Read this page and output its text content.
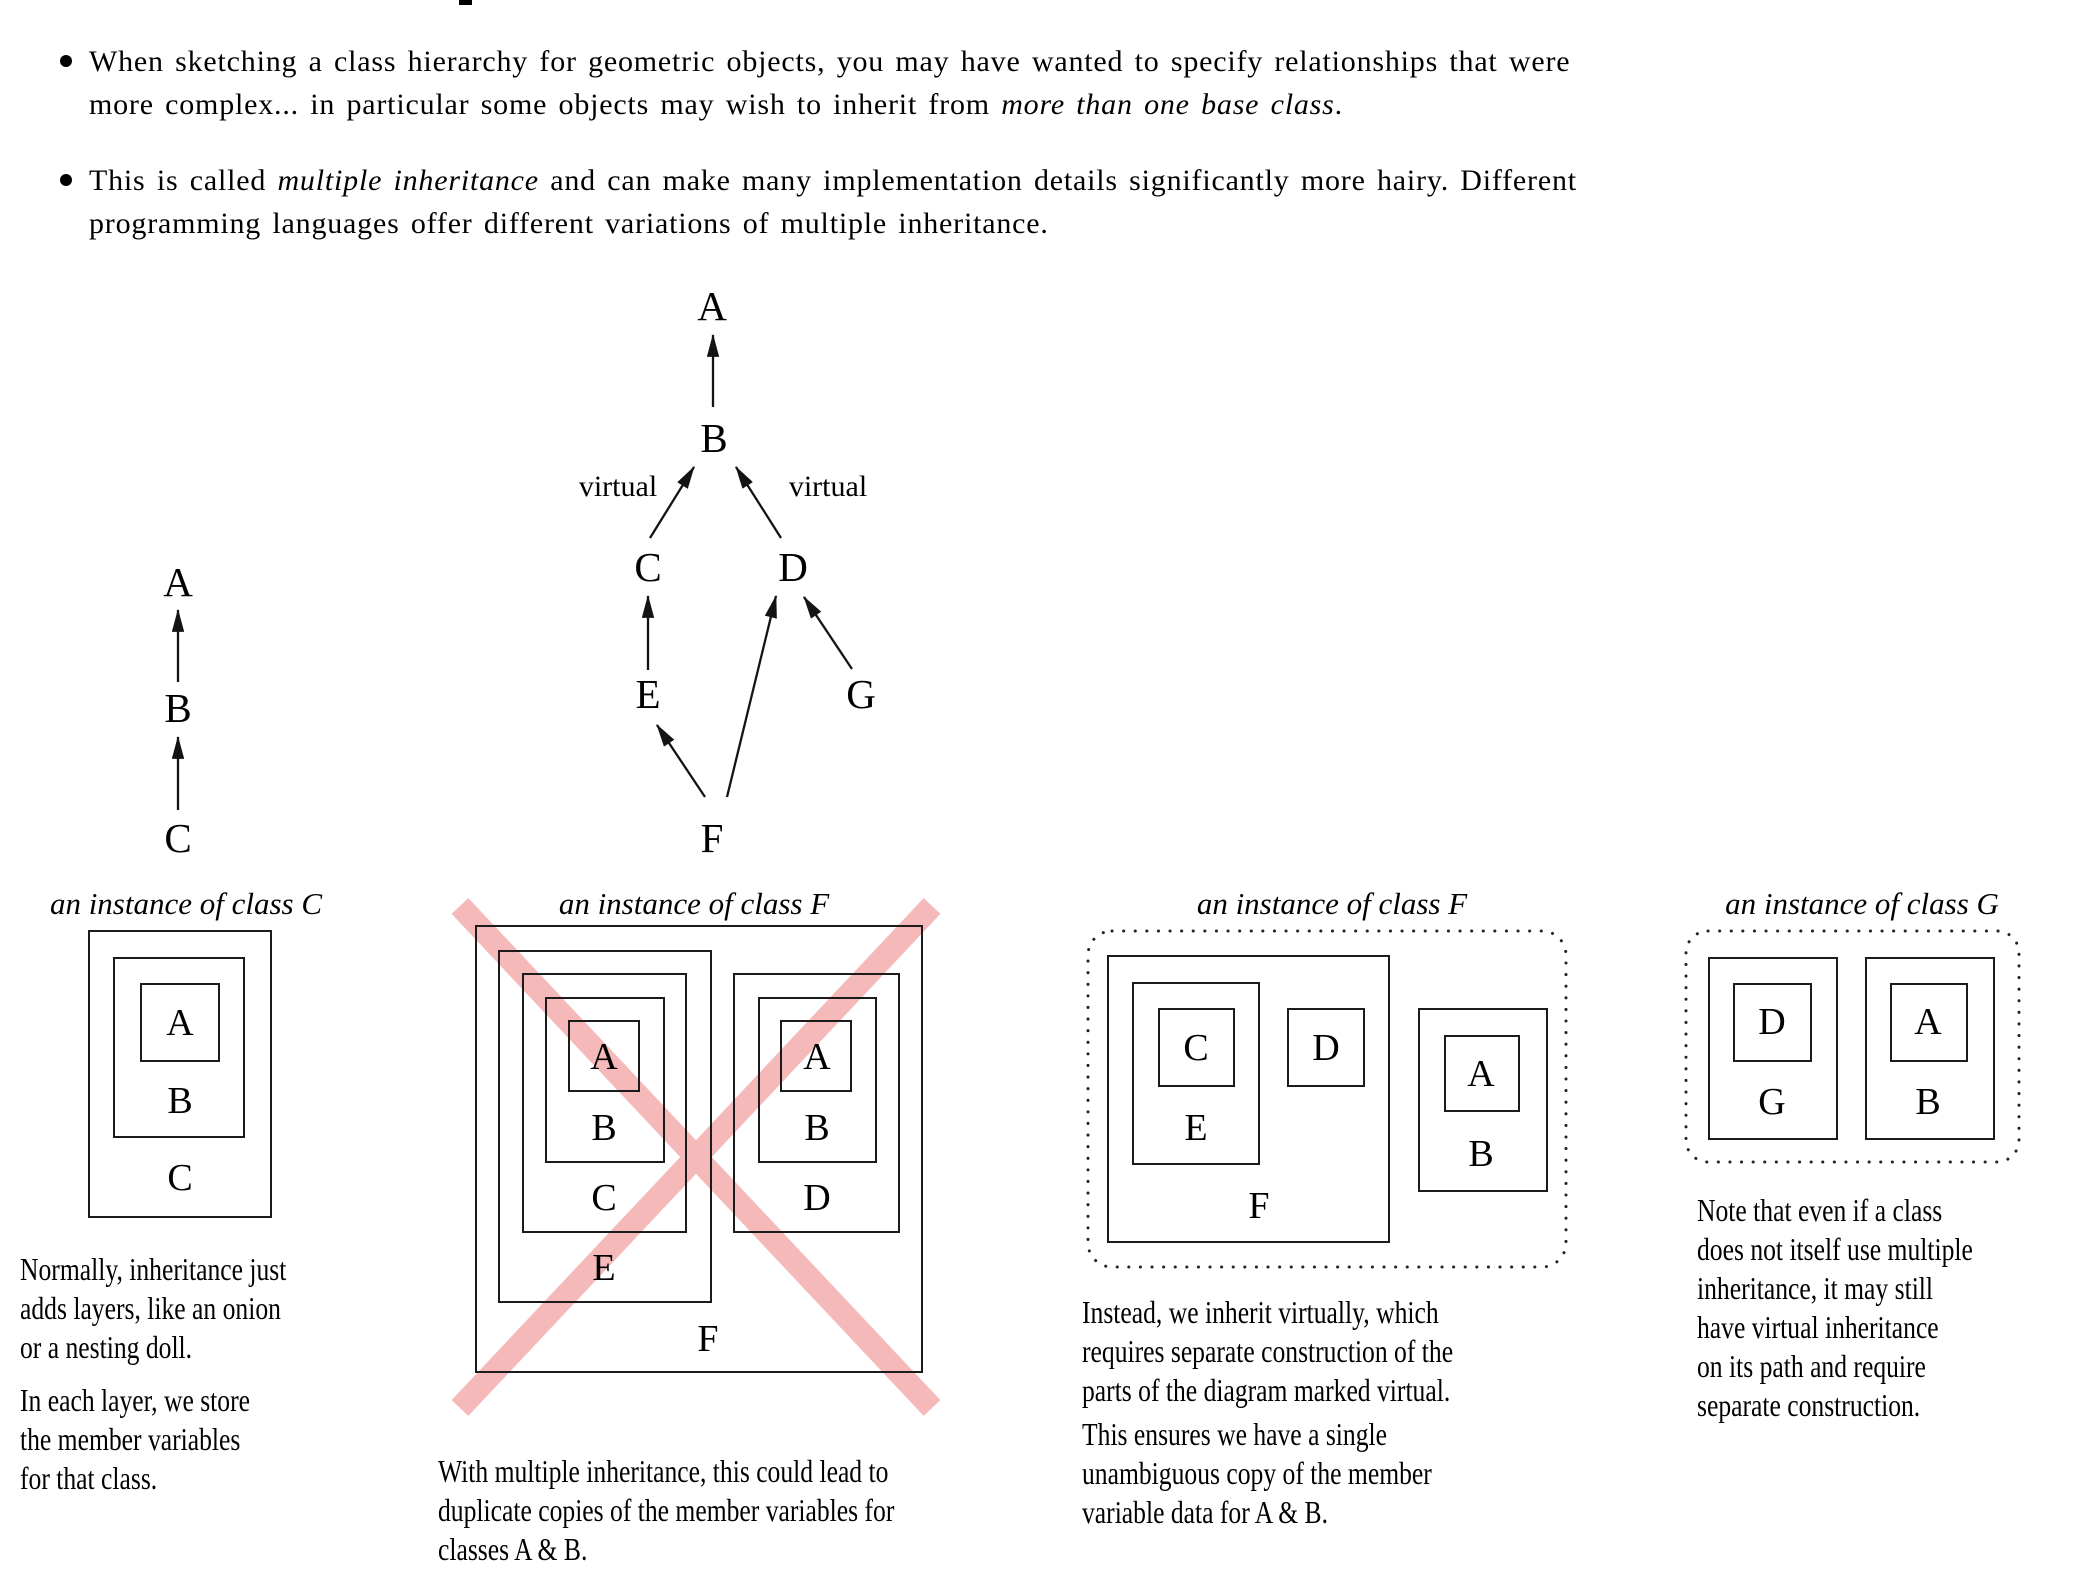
When sketching a class hierarchy for geometric objects, you may have wanted to specify relationships that were
more complex... in particular some objects may wish to inherit from more than one base class.
This is called multiple inheritance and can make many implementation details significantly more hairy. Different
programming languages offer different variations of multiple inheritance.
A
B
C
A
B
virtual	virtual
C	D
E	G
F
an instance of class C
A
B
C
an instance of class F
A
B
C
E
A
B
D
F
an instance of class F
C	D
E
F
A
B
an instance of class G
D
G
A
B
Normally, inheritance just
adds layers, like an onion
or a nesting doll.
In each layer, we store
the member variables
for that class.	With multiple inheritance, this could lead to
duplicate copies of the member variables for
classes A & B.
Instead, we inherit virtually, which
requires separate construction of the
parts of the diagram marked virtual.
This ensures we have a single
unambiguous copy of the member
variable data for A & B.
Note that even if a class
does not itself use multiple
inheritance, it may still
have virtual inheritance
on its path and require
separate construction.
